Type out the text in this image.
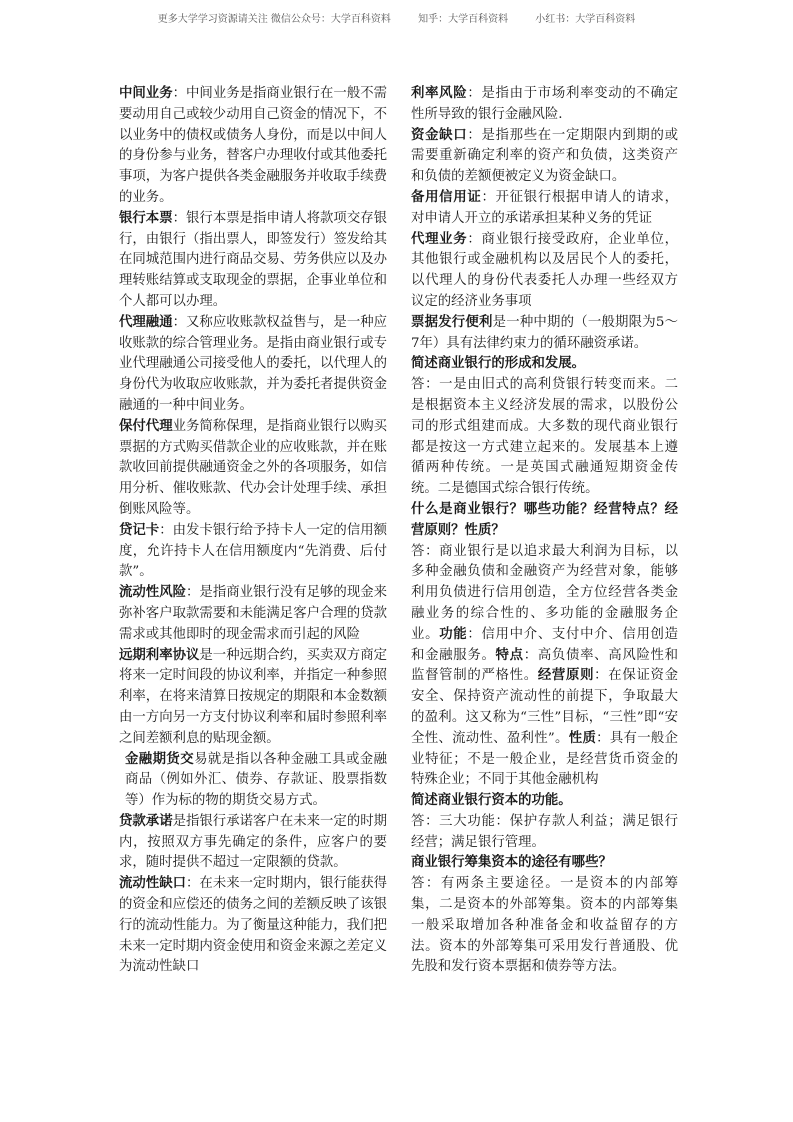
更多大学学习资源请关注 微信公众号：大学百科资料	知乎：大学百科资料	小红书：大学百科资料

中间业务：中间业务是指商业银行在一般不需要动用自己或较少动用自己资金的情况下，不以业务中的债权或债务人身份，而是以中间人的身份参与业务，替客户办理收付或其他委托事项，为客户提供各类金融服务并收取手续费的业务。

银行本票：银行本票是指申请人将款项交存银行，由银行（指出票人，即签发行）签发给其在同城范围内进行商品交易、劳务供应以及办理转账结算或支取现金的票据，企事业单位和个人都可以办理。

代理融通：又称应收账款权益售与，是一种应收账款的综合管理业务。是指由商业银行或专业代理融通公司接受他人的委托，以代理人的身份代为收取应收账款，并为委托者提供资金融通的一种中间业务。

保付代理业务简称保理，是指商业银行以购买票据的方式购买借款企业的应收账款，并在账款收回前提供融通资金之外的各项服务，如信用分析、催收账款、代办会计处理手续、承担倒账风险等。

贷记卡：由发卡银行给予持卡人一定的信用额度，允许持卡人在信用额度内“先消费、后付款”。

流动性风险：是指商业银行没有足够的现金来弥补客户取款需要和未能满足客户合理的贷款需求或其他即时的现金需求而引起的风险

远期利率协议是一种远期合约，买卖双方商定将来一定时间段的协议利率，并指定一种参照利率，在将来清算日按规定的期限和本金数额由一方向另一方支付协议利率和届时参照利率之间差额利息的贴现金额。

金融期货交易就是指以各种金融工具或金融商品（例如外汇、债券、存款证、股票指数等）作为标的物的期货交易方式。

贷款承诺是指银行承诺客户在未来一定的时期内，按照双方事先确定的条件，应客户的要求，随时提供不超过一定限额的贷款。

流动性缺口：在未来一定时期内，银行能获得的资金和应偿还的债务之间的差额反映了该银行的流动性能力。为了衡量这种能力，我们把未来一定时期内资金使用和资金来源之差定义为流动性缺口

利率风险：是指由于市场利率变动的不确定性所导致的银行金融风险.

资金缺口：是指那些在一定期限内到期的或需要重新确定利率的资产和负债，这类资产和负债的差额便被定义为资金缺口。

备用信用证：开征银行根据申请人的请求，对申请人开立的承诺承担某种义务的凭证

代理业务：商业银行接受政府，企业单位，其他银行或金融机构以及居民个人的委托，以代理人的身份代表委托人办理一些经双方议定的经济业务事项

票据发行便利是一种中期的（一般期限为5～7年）具有法律约束力的循环融资承诺。

简述商业银行的形成和发展。

答：一是由旧式的高利贷银行转变而来。二是根据资本主义经济发展的需求，以股份公司的形式组建而成。大多数的现代商业银行都是按这一方式建立起来的。发展基本上遵循两种传统。一是英国式融通短期资金传统。二是德国式综合银行传统。

什么是商业银行？哪些功能？经营特点？经营原则？性质？

答：商业银行是以追求最大利润为目标，以多种金融负债和金融资产为经营对象，能够利用负债进行信用创造，全方位经营各类金融业务的综合性的、多功能的金融服务企业。功能：信用中介、支付中介、信用创造和金融服务。特点：高负债率、高风险性和监督管制的严格性。经营原则：在保证资金安全、保持资产流动性的前提下，争取最大的盈利。这又称为“三性”目标，“三性”即“安全性、流动性、盈利性”。性质：具有一般企业特征；不是一般企业，是经营货币资金的特殊企业；不同于其他金融机构

简述商业银行资本的功能。

答：三大功能：保护存款人利益；满足银行经营；满足银行管理。

商业银行筹集资本的途径有哪些？

答：有两条主要途径。一是资本的内部筹集，二是资本的外部筹集。资本的内部筹集一般采取增加各种准备金和收益留存的方法。资本的外部筹集可采用发行普通股、优先股和发行资本票据和债券等方法。
